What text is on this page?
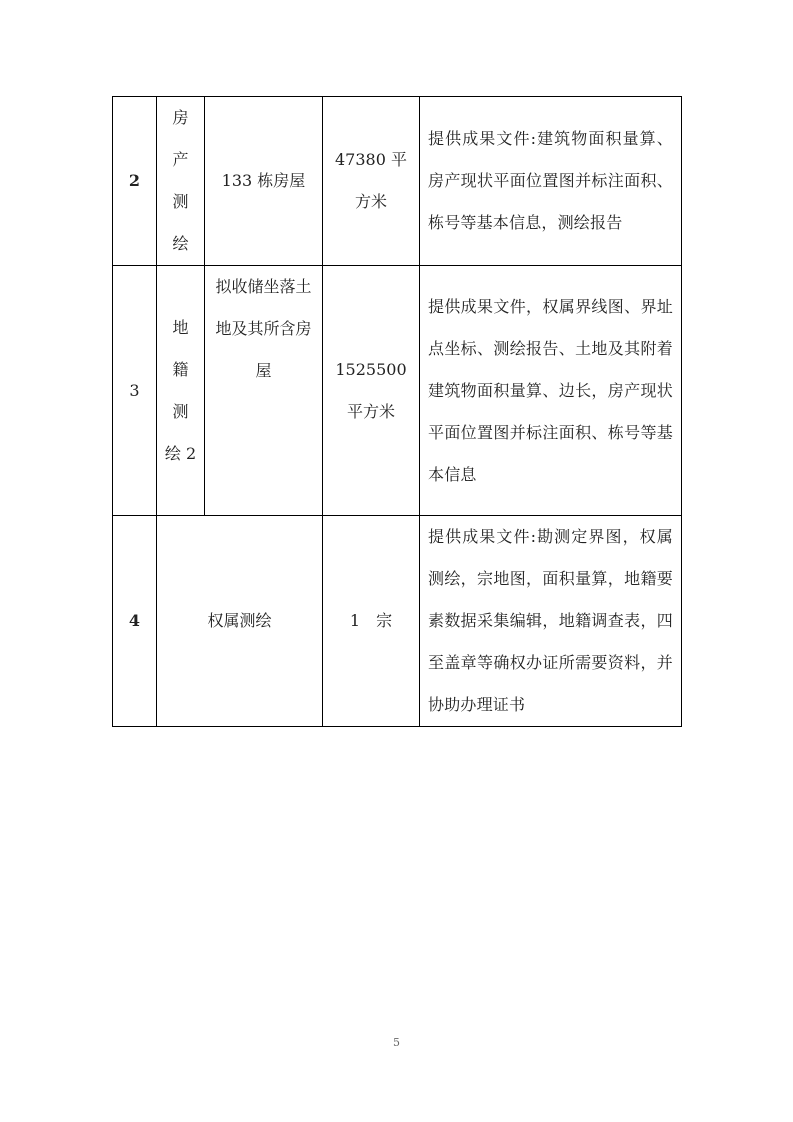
2	房
产
测
绘	133 栋房屋	47380 平方米	提供成果文件:建筑物面积量算、房产现状平面位置图并标注面积、栋号等基本信息，测绘报告
3	地
籍
测
绘 2	拟收储坐落土地及其所含房屋	1525500 平方米	提供成果文件，权属界线图、界址点坐标、测绘报告、土地及其附着建筑物面积量算、边长，房产现状平面位置图并标注面积、栋号等基本信息
4	权属测绘		1　宗	提供成果文件:勘测定界图，权属测绘，宗地图，面积量算，地籍要素数据采集编辑，地籍调查表，四至盖章等确权办证所需要资料，并协助办理证书
5
